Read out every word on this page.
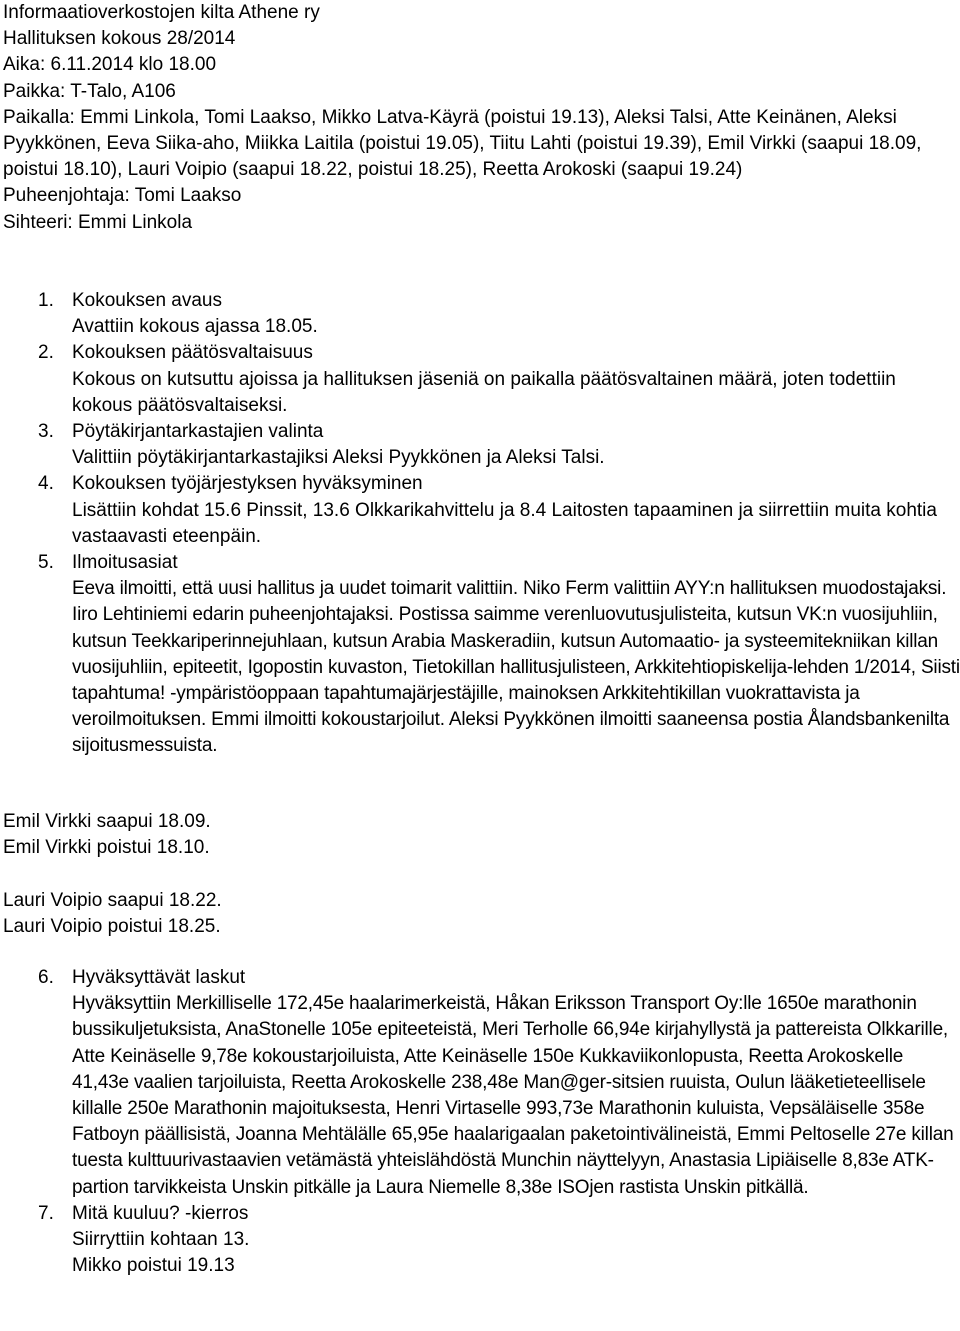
Informaatioverkostojen kilta Athene ry
Hallituksen kokous 28/2014
Aika: 6.11.2014 klo 18.00
Paikka: T-Talo, A106
Paikalla: Emmi Linkola, Tomi Laakso, Mikko Latva-Käyrä (poistui 19.13), Aleksi Talsi, Atte Keinänen, Aleksi Pyykkönen, Eeva Siika-aho, Miikka Laitila (poistui 19.05), Tiitu Lahti (poistui 19.39), Emil Virkki (saapui 18.09, poistui 18.10), Lauri Voipio (saapui 18.22, poistui 18.25), Reetta Arokoski (saapui 19.24)
Puheenjohtaja: Tomi Laakso
Sihteeri: Emmi Linkola
1. Kokouksen avaus
Avattiin kokous ajassa 18.05.
2. Kokouksen päätösvaltaisuus
Kokous on kutsuttu ajoissa ja hallituksen jäseniä on paikalla päätösvaltainen määrä, joten todettiin kokous päätösvaltaiseksi.
3. Pöytäkirjantarkastajien valinta
Valittiin pöytäkirjantarkastajiksi Aleksi Pyykkönen ja Aleksi Talsi.
4. Kokouksen työjärjestyksen hyväksyminen
Lisättiin kohdat 15.6 Pinssit, 13.6 Olkkarikahvittelu ja 8.4 Laitosten tapaaminen ja siirrettiin muita kohtia vastaavasti eteenpäin.
5. Ilmoitusasiat
Eeva ilmoitti, että uusi hallitus ja uudet toimarit valittiin. Niko Ferm valittiin AYY:n hallituksen muodostajaksi. Iiro Lehtiniemi edarin puheenjohtajaksi. Postissa saimme verenluovutusjulisteita, kutsun VK:n vuosijuhliin, kutsun Teekkariperinnejuhlaan, kutsun Arabia Maskeradiin, kutsun Automaatio- ja systeemitekniikan killan vuosijuhliin, epiteetit, Igopostin kuvaston, Tietokillan hallitusjulisteen, Arkkitehtiopiskelija-lehden 1/2014, Siisti tapahtuma! -ympäristöoppaan tapahtumajärjestäjille, mainoksen Arkkitehtikillan vuokrattavista ja veroilmoituksen. Emmi ilmoitti kokoustarjoilut. Aleksi Pyykkönen ilmoitti saaneensa postia Ålandsbankenilta sijoitusmessuista.
Emil Virkki saapui 18.09.
Emil Virkki poistui 18.10.
Lauri Voipio saapui 18.22.
Lauri Voipio poistui 18.25.
6. Hyväksyttävät laskut
Hyväksyttiin Merkilliselle 172,45e haalarimerkeistä, Håkan Eriksson Transport Oy:lle 1650e marathonin bussikuljetuksista, AnaStonelle 105e epiteeteistä, Meri Terholle 66,94e kirjahyllystä ja pattereista Olkkarille, Atte Keinäselle 9,78e kokoustarjoiluista, Atte Keinäselle 150e Kukkaviikonlopusta, Reetta Arokoskelle 41,43e vaalien tarjoiluista, Reetta Arokoskelle 238,48e Man@ger-sitsien ruuista, Oulun lääketieteellisele killalle 250e Marathonin majoituksesta, Henri Virtaselle 993,73e Marathonin kuluista, Vepsäläiselle 358e Fatboyn päällisistä, Joanna Mehtälälle 65,95e haalarigaalan paketointivälineistä, Emmi Peltoselle 27e killan tuesta kulttuurivastaavien vetämästä yhteislähdöstä Munchin näyttelyyn, Anastasia Lipiäiselle 8,83e ATK-partion tarvikkeista Unskin pitkälle ja Laura Niemelle 8,38e ISOjen rastista Unskin pitkällä.
7. Mitä kuuluu? -kierros
Siirryttiin kohtaan 13.
Mikko poistui 19.13
